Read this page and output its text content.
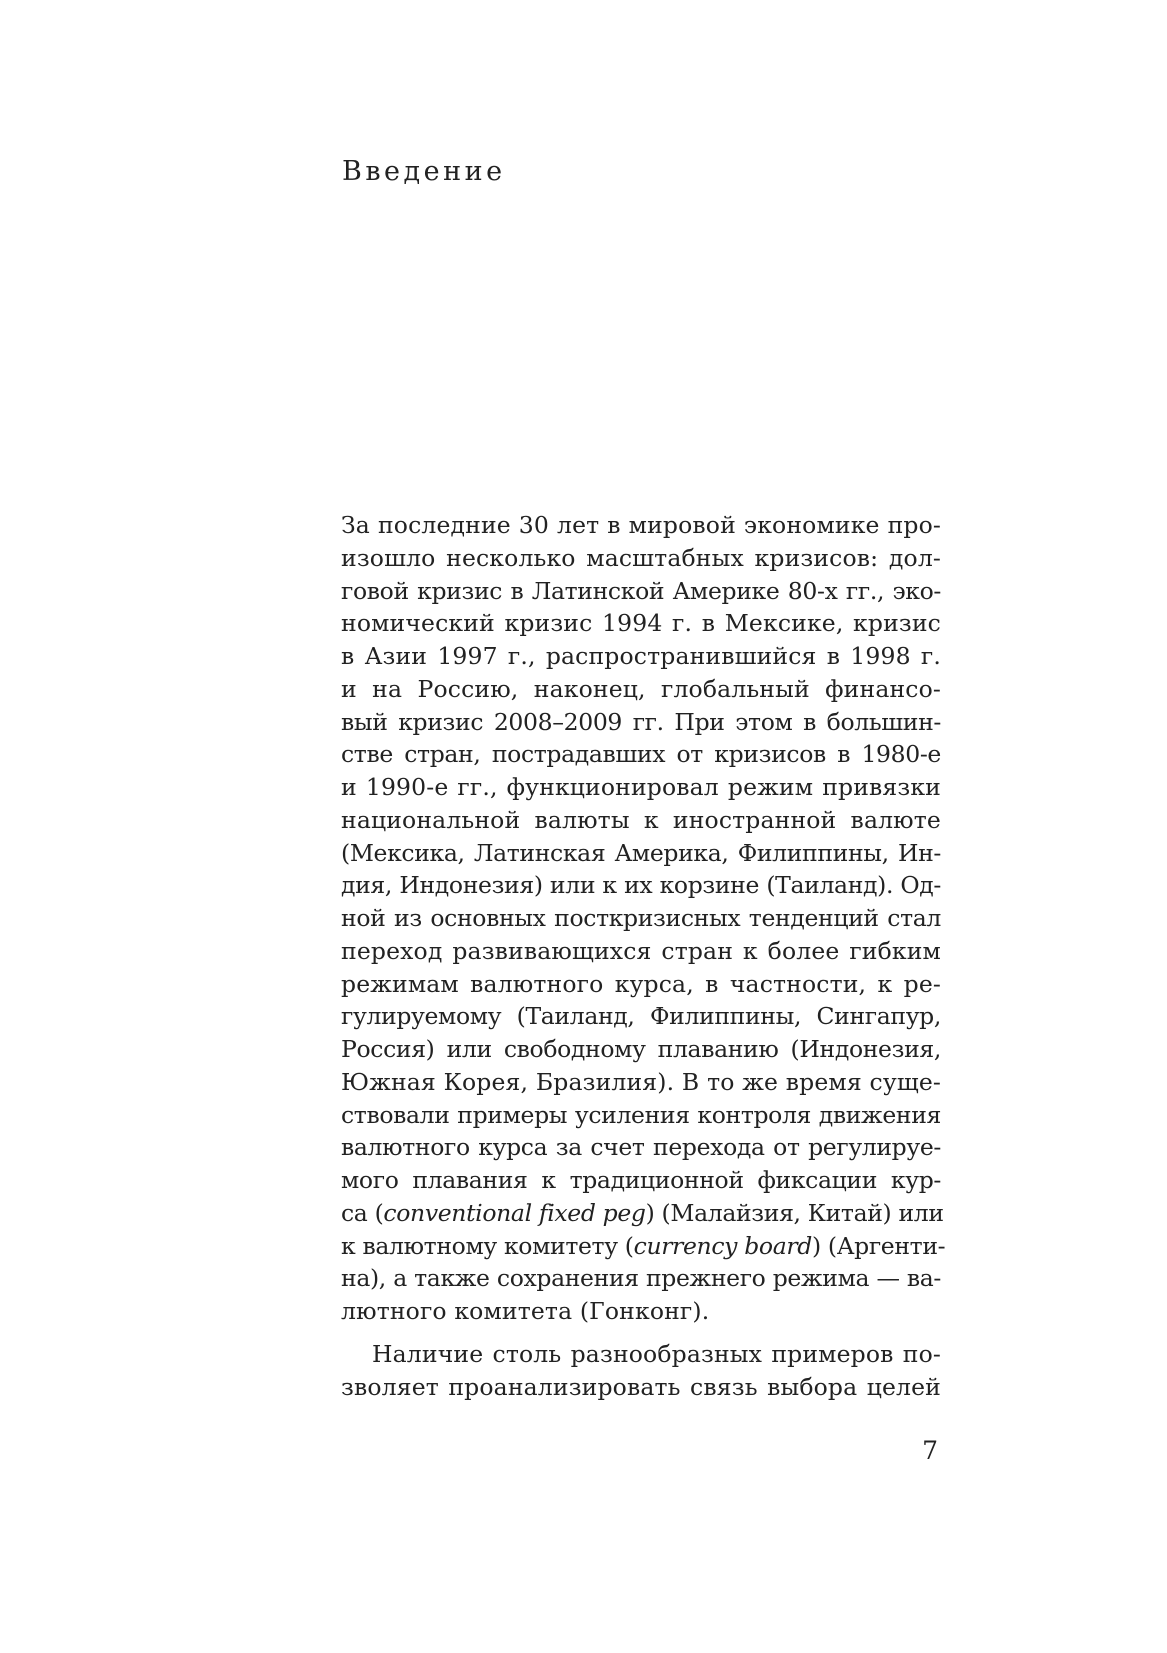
Введение
За последние 30 лет в мировой экономике про-
изошло несколько масштабных кризисов: дол-
говой кризис в Латинской Америке 80-х гг., эко-
номический кризис 1994 г. в Мексике, кризис
в Азии 1997 г., распространившийся в 1998 г.
и на Россию, наконец, глобальный финансо-
вый кризис 2008–2009 гг. При этом в большин-
стве стран, пострадавших от кризисов в 1980-е
и 1990-е гг., функционировал режим привязки
национальной валюты к иностранной валюте
(Мексика, Латинская Америка, Филиппины, Ин-
дия, Индонезия) или к их корзине (Таиланд). Од-
ной из основных посткризисных тенденций стал
переход развивающихся стран к более гибким
режимам валютного курса, в частности, к ре-
гулируемому (Таиланд, Филиппины, Сингапур,
Россия) или свободному плаванию (Индонезия,
Южная Корея, Бразилия). В то же время суще-
ствовали примеры усиления контроля движения
валютного курса за счет перехода от регулируе-
мого плавания к традиционной фиксации кур-
са (conventional fixed peg) (Малайзия, Китай) или
к валютному комитету (currency board) (Аргенти-
на), а также сохранения прежнего режима — ва-
лютного комитета (Гонконг).
Наличие столь разнообразных примеров по-
зволяет проанализировать связь выбора целей
7
